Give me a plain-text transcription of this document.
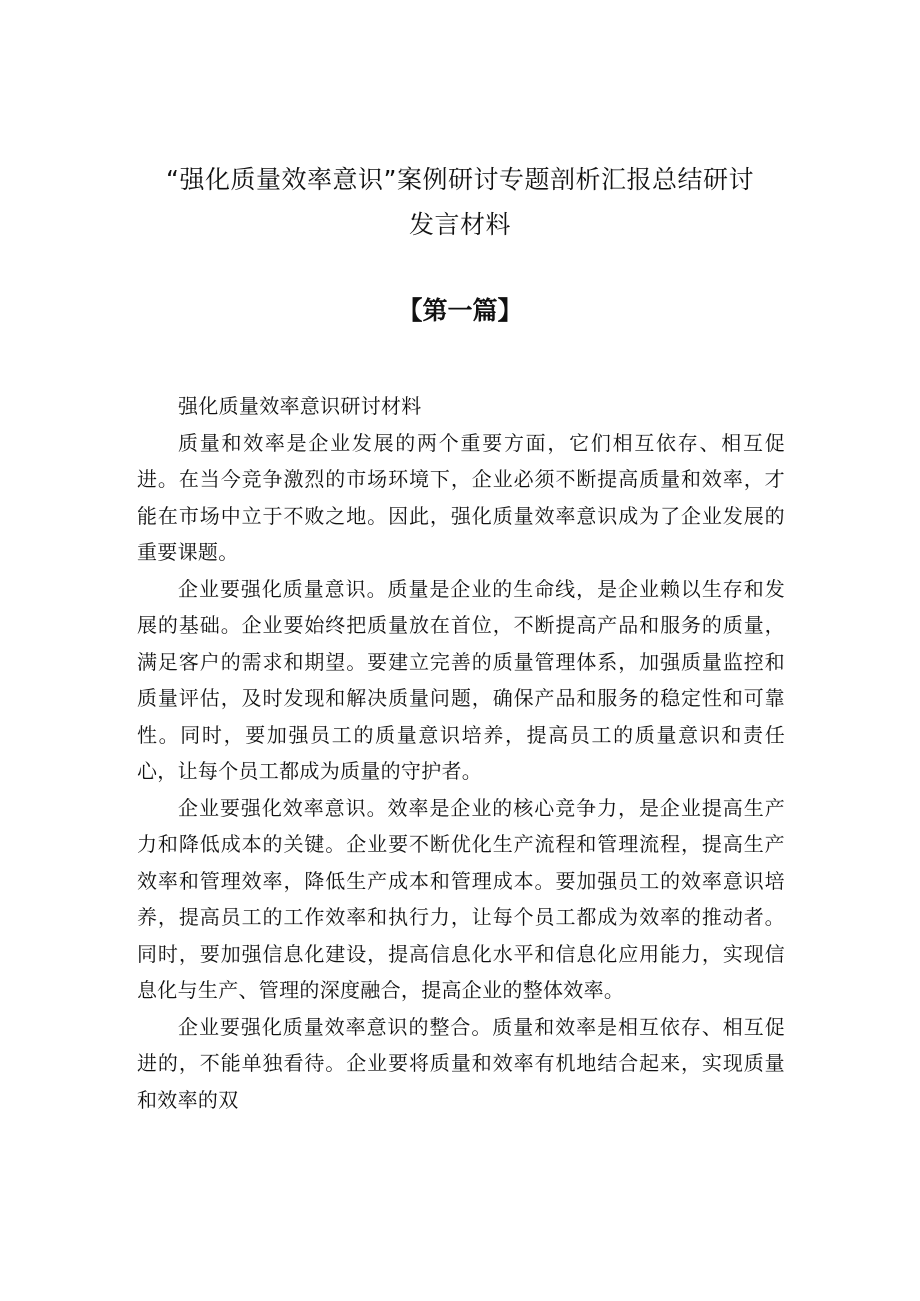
“强化质量效率意识”案例研讨专题剖析汇报总结研讨
发言材料
【第一篇】

强化质量效率意识研讨材料

质量和效率是企业发展的两个重要方面，它们相互依存、相互促进。在当今竞争激烈的市场环境下，企业必须不断提高质量和效率，才能在市场中立于不败之地。因此，强化质量效率意识成为了企业发展的重要课题。

企业要强化质量意识。质量是企业的生命线，是企业赖以生存和发展的基础。企业要始终把质量放在首位，不断提高产品和服务的质量，满足客户的需求和期望。要建立完善的质量管理体系，加强质量监控和质量评估，及时发现和解决质量问题，确保产品和服务的稳定性和可靠性。同时，要加强员工的质量意识培养，提高员工的质量意识和责任心，让每个员工都成为质量的守护者。

企业要强化效率意识。效率是企业的核心竞争力，是企业提高生产力和降低成本的关键。企业要不断优化生产流程和管理流程，提高生产效率和管理效率，降低生产成本和管理成本。要加强员工的效率意识培养，提高员工的工作效率和执行力，让每个员工都成为效率的推动者。同时，要加强信息化建设，提高信息化水平和信息化应用能力，实现信息化与生产、管理的深度融合，提高企业的整体效率。

企业要强化质量效率意识的整合。质量和效率是相互依存、相互促进的，不能单独看待。企业要将质量和效率有机地结合起来，实现质量和效率的双
